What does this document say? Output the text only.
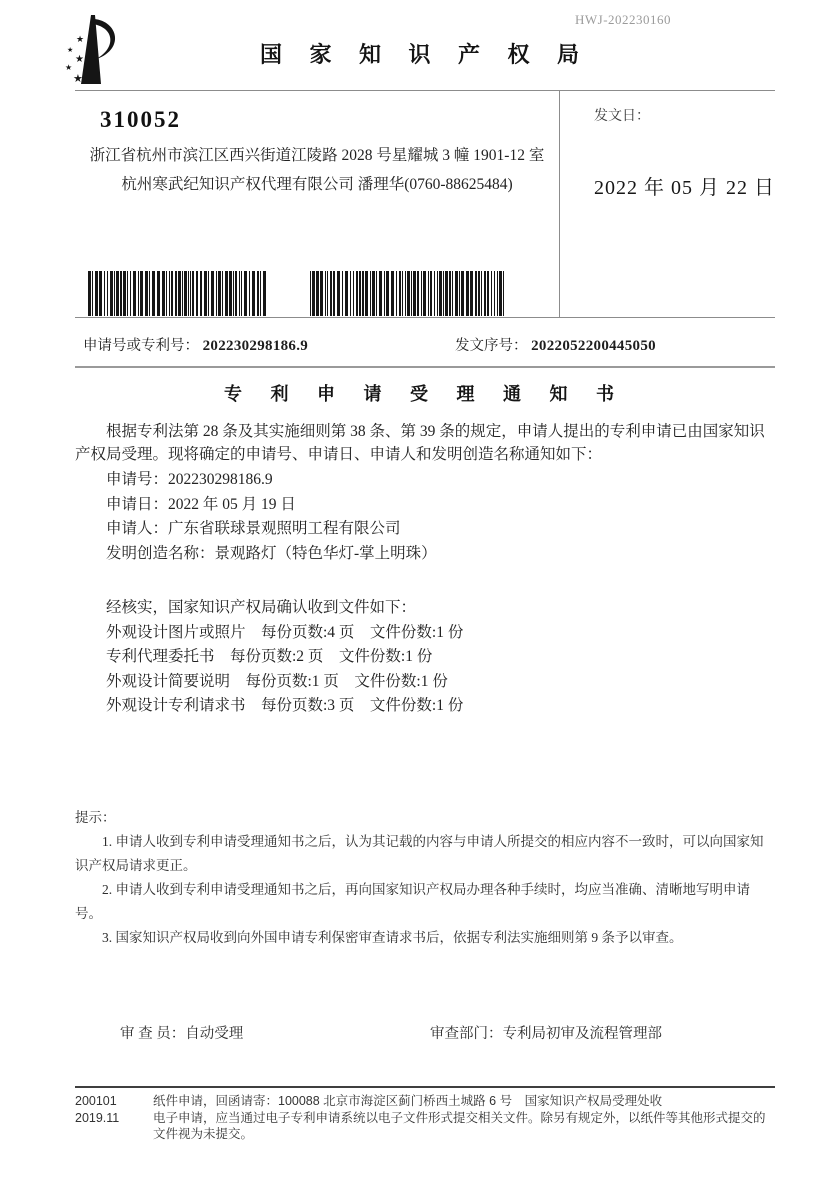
★
★
★
★
★
HWJ-202230160
国 家 知 识 产 权 局
310052
浙江省杭州市滨江区西兴街道江陵路 2028 号星耀城 3 幢 1901-12 室
杭州寒武纪知识产权代理有限公司 潘理华(0760-88625484)
发文日：
2022 年 05 月 22 日
申请号或专利号： 202230298186.9	发文序号： 2022052200445050
专 利 申 请 受 理 通 知 书

根据专利法第 28 条及其实施细则第 38 条、第 39 条的规定，申请人提出的专利申请已由国家知识产权局受理。现将确定的申请号、申请日、申请人和发明创造名称通知如下：

申请号：202230298186.9
申请日：2022 年 05 月 19 日
申请人：广东省联球景观照明工程有限公司
发明创造名称：景观路灯（特色华灯-掌上明珠）
经核实，国家知识产权局确认收到文件如下：
外观设计图片或照片　每份页数:4 页　文件份数:1 份
专利代理委托书　每份页数:2 页　文件份数:1 份
外观设计简要说明　每份页数:1 页　文件份数:1 份
外观设计专利请求书　每份页数:3 页　文件份数:1 份

提示：

1. 申请人收到专利申请受理通知书之后，认为其记载的内容与申请人所提交的相应内容不一致时，可以向国家知识产权局请求更正。

2. 申请人收到专利申请受理通知书之后，再向国家知识产权局办理各种手续时，均应当准确、清晰地写明申请号。

3. 国家知识产权局收到向外国申请专利保密审查请求书后，依据专利法实施细则第 9 条予以审查。

审 查 员：自动受理	审查部门：专利局初审及流程管理部
200101	纸件申请，回函请寄：100088 北京市海淀区蓟门桥西土城路 6 号　国家知识产权局受理处收
2019.11	电子申请，应当通过电子专利申请系统以电子文件形式提交相关文件。除另有规定外，以纸件等其他形式提交的文件视为未提交。
